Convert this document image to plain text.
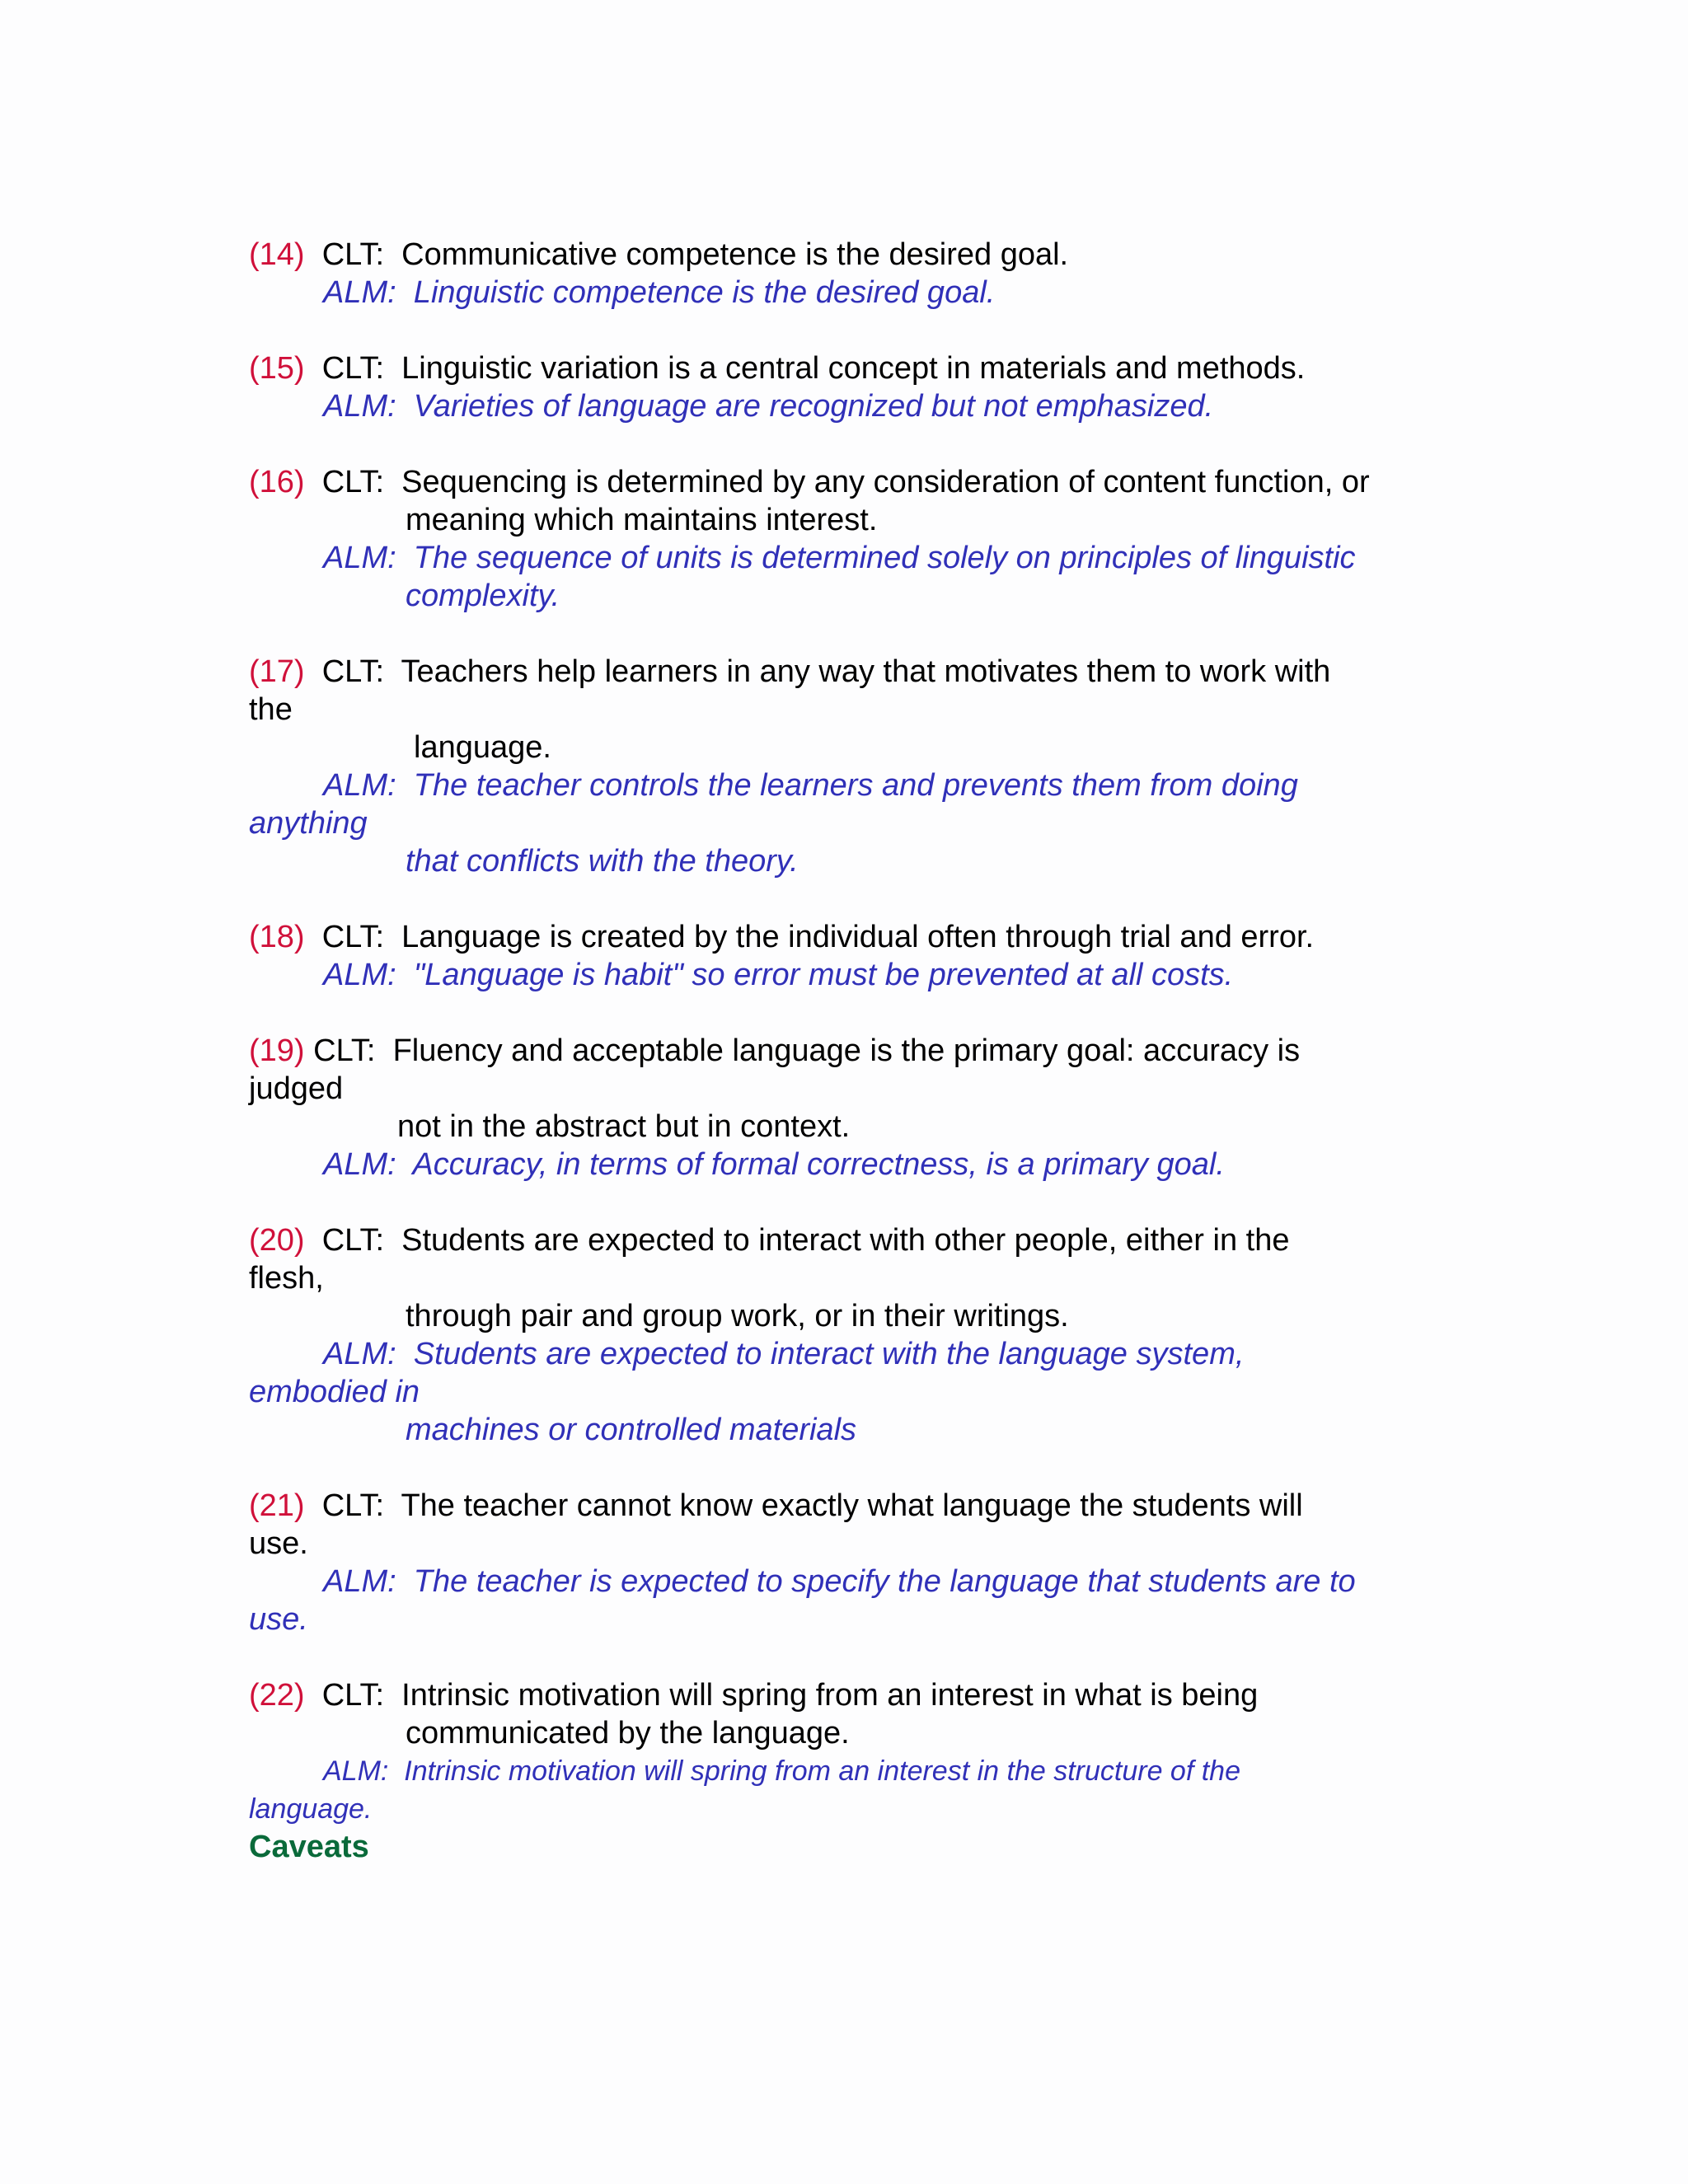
(14) CLT:  Communicative competence is the desired goal.
ALM:  Linguistic competence is the desired goal.
(15) CLT:  Linguistic variation is a central concept in materials and methods.
ALM:  Varieties of language are recognized but not emphasized.
(16) CLT:  Sequencing is determined by any consideration of content function, or
meaning which maintains interest.
ALM:  The sequence of units is determined solely on principles of linguistic
complexity.
(17) CLT:  Teachers help learners in any way that motivates them to work with
the
language.
ALM:  The teacher controls the learners and prevents them from doing
anything
that conflicts with the theory.
(18) CLT:  Language is created by the individual often through trial and error.
ALM:  "Language is habit" so error must be prevented at all costs.
(19) CLT:  Fluency and acceptable language is the primary goal: accuracy is
judged
not in the abstract but in context.
ALM:  Accuracy, in terms of formal correctness, is a primary goal.
(20) CLT:  Students are expected to interact with other people, either in the
flesh,
through pair and group work, or in their writings.
ALM:  Students are expected to interact with the language system,
embodied in
machines or controlled materials
(21) CLT:  The teacher cannot know exactly what language the students will
use.
ALM:  The teacher is expected to specify the language that students are to
use.
(22) CLT:  Intrinsic motivation will spring from an interest in what is being
communicated by the language.
ALM:  Intrinsic motivation will spring from an interest in the structure of the
language.
Caveats
